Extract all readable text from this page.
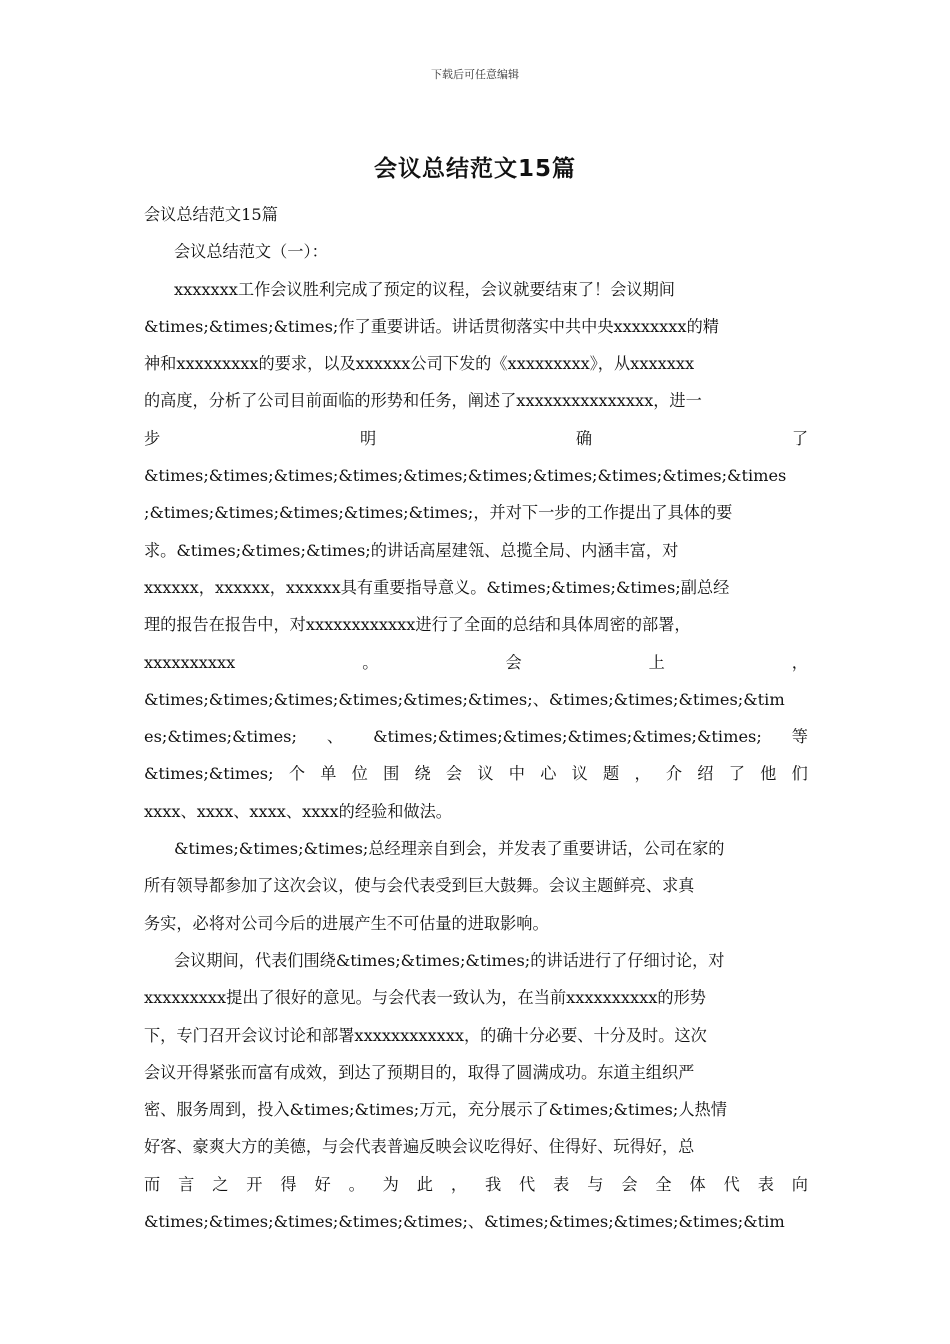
下载后可任意编辑
会议总结范文15篇
会议总结范文15篇
会议总结范文（一）：
xxxxxxx工作会议胜利完成了预定的议程，会议就要结束了！会议期间
&times;&times;&times;作了重要讲话。讲话贯彻落实中共中央xxxxxxxx的精
神和xxxxxxxxx的要求，以及xxxxxx公司下发的《xxxxxxxxx》，从xxxxxxx
的高度，分析了公司目前面临的形势和任务，阐述了xxxxxxxxxxxxxxx，进一
步	明	确	了
&times;&times;&times;&times;&times;&times;&times;&times;&times;&times
;&times;&times;&times;&times;&times;，并对下一步的工作提出了具体的要
求。&times;&times;&times;的讲话高屋建瓴、总揽全局、内涵丰富，对
xxxxxx，xxxxxx，xxxxxx具有重要指导意义。&times;&times;&times;副总经
理的报告在报告中，对xxxxxxxxxxxx进行了全面的总结和具体周密的部署，
xxxxxxxxxx	。	会	上	，
&times;&times;&times;&times;&times;&times;、&times;&times;&times;&tim
es;&times;&times; 、 &times;&times;&times;&times;&times;&times; 等
&times;&times; 个 单 位 围 绕 会 议 中 心 议 题 ， 介 绍 了 他 们
xxxx、xxxx、xxxx、xxxx的经验和做法。
&times;&times;&times;总经理亲自到会，并发表了重要讲话，公司在家的
所有领导都参加了这次会议，使与会代表受到巨大鼓舞。会议主题鲜亮、求真
务实，必将对公司今后的进展产生不可估量的进取影响。
会议期间，代表们围绕&times;&times;&times;的讲话进行了仔细讨论，对
xxxxxxxxx提出了很好的意见。与会代表一致认为，在当前xxxxxxxxxx的形势
下，专门召开会议讨论和部署xxxxxxxxxxxx，的确十分必要、十分及时。这次
会议开得紧张而富有成效，到达了预期目的，取得了圆满成功。东道主组织严
密、服务周到，投入&times;&times;万元，充分展示了&times;&times;人热情
好客、豪爽大方的美德，与会代表普遍反映会议吃得好、住得好、玩得好，总
而 言 之 开 得 好 。 为 此 ， 我 代 表 与 会 全 体 代 表 向
&times;&times;&times;&times;&times;、&times;&times;&times;&times;&tim
